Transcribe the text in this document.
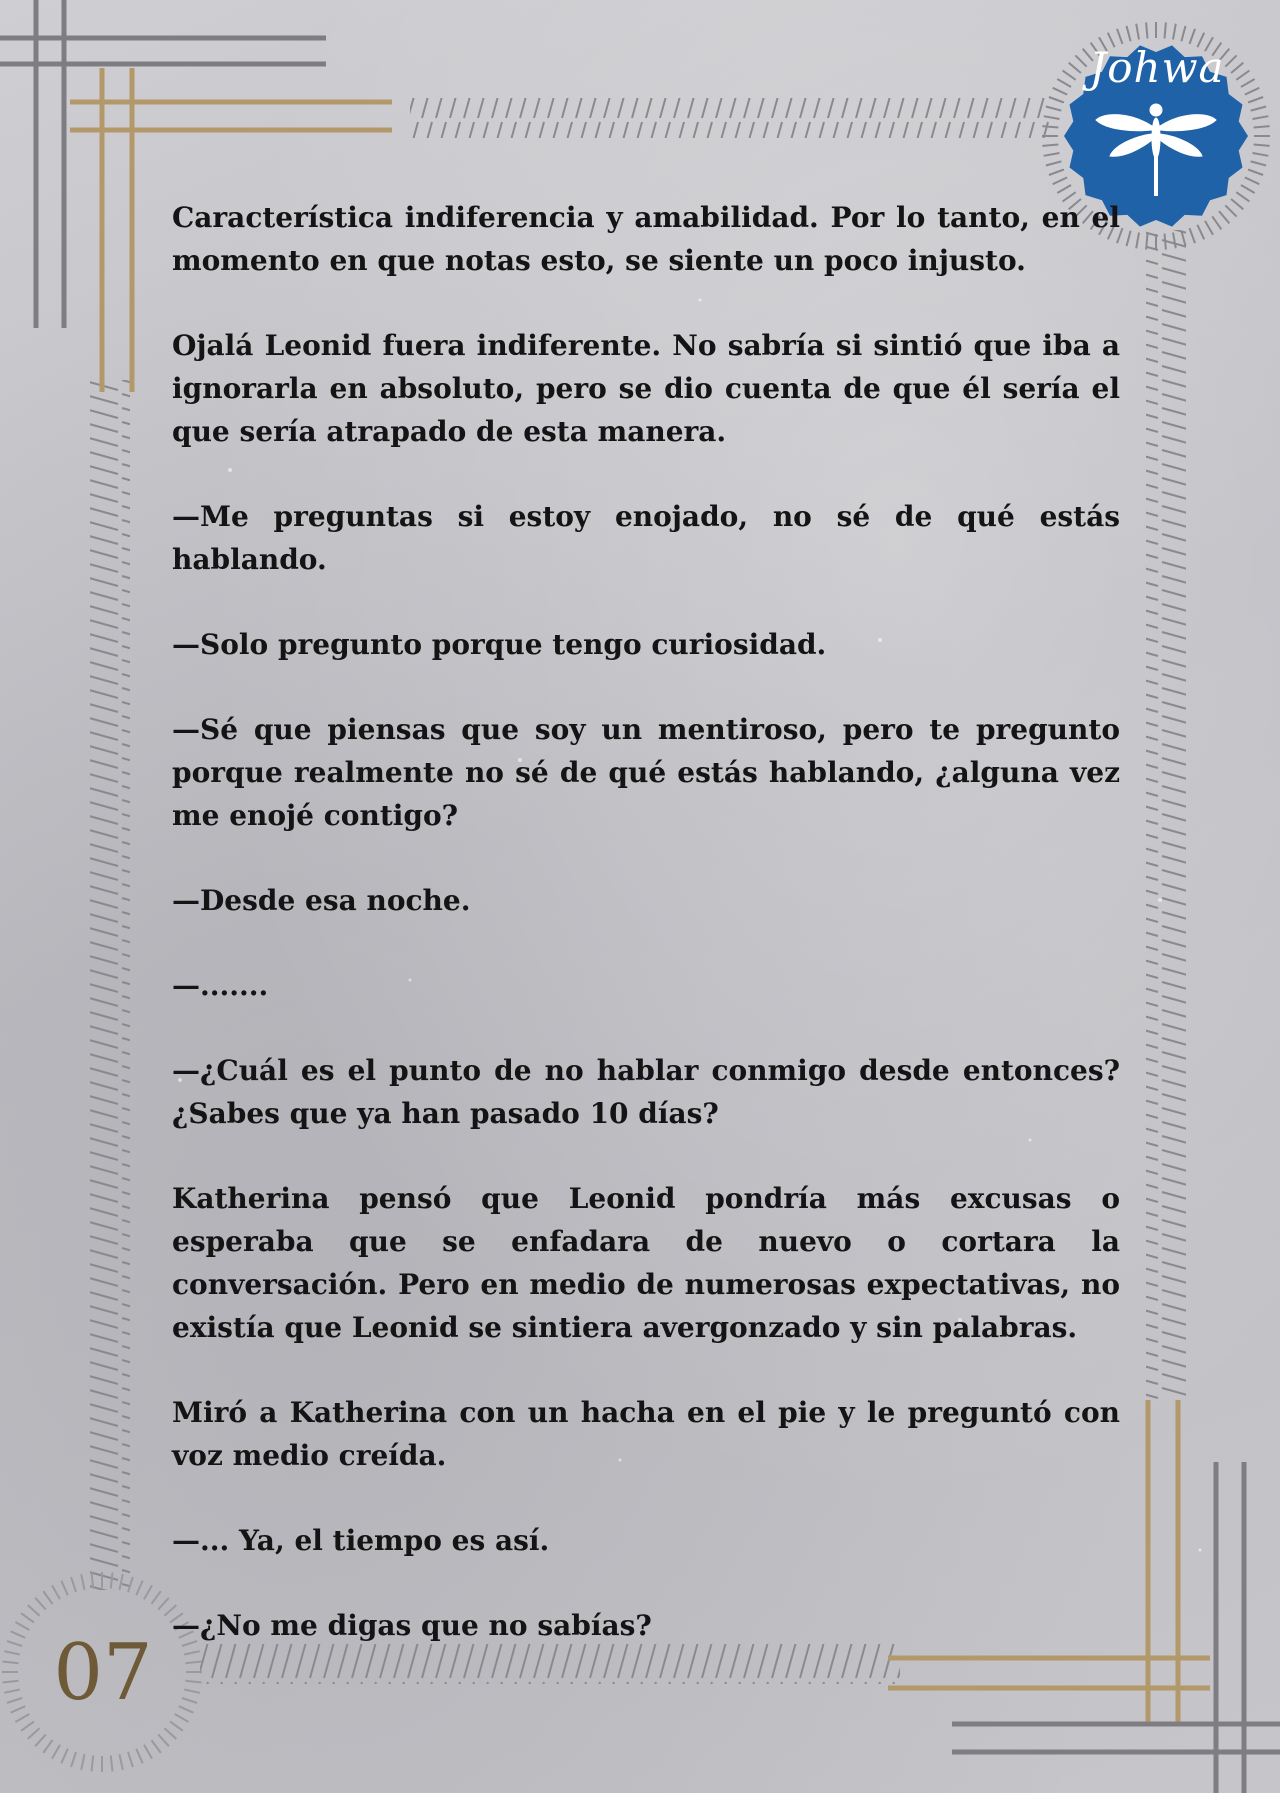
Johwa

Característica indiferencia y amabilidad. Por lo tanto, en el momento en que notas esto, se siente un poco injusto.

Ojalá Leonid fuera indiferente. No sabría si sintió que iba a ignorarla en absoluto, pero se dio cuenta de que él sería el que sería atrapado de esta manera.

—Me preguntas si estoy enojado, no sé de qué estás hablando.

—Solo pregunto porque tengo curiosidad.

—Sé que piensas que soy un mentiroso, pero te pregunto porque realmente no sé de qué estás hablando, ¿alguna vez me enojé contigo?

—Desde esa noche.

—.......

—¿Cuál es el punto de no hablar conmigo desde entonces? ¿Sabes que ya han pasado 10 días?

Katherina pensó que Leonid pondría más excusas o esperaba que se enfadara de nuevo o cortara la conversación. Pero en medio de numerosas expectativas, no existía que Leonid se sintiera avergonzado y sin palabras.

Miró a Katherina con un hacha en el pie y le preguntó con voz medio creída.

—... Ya, el tiempo es así.

—¿No me digas que no sabías?

07
